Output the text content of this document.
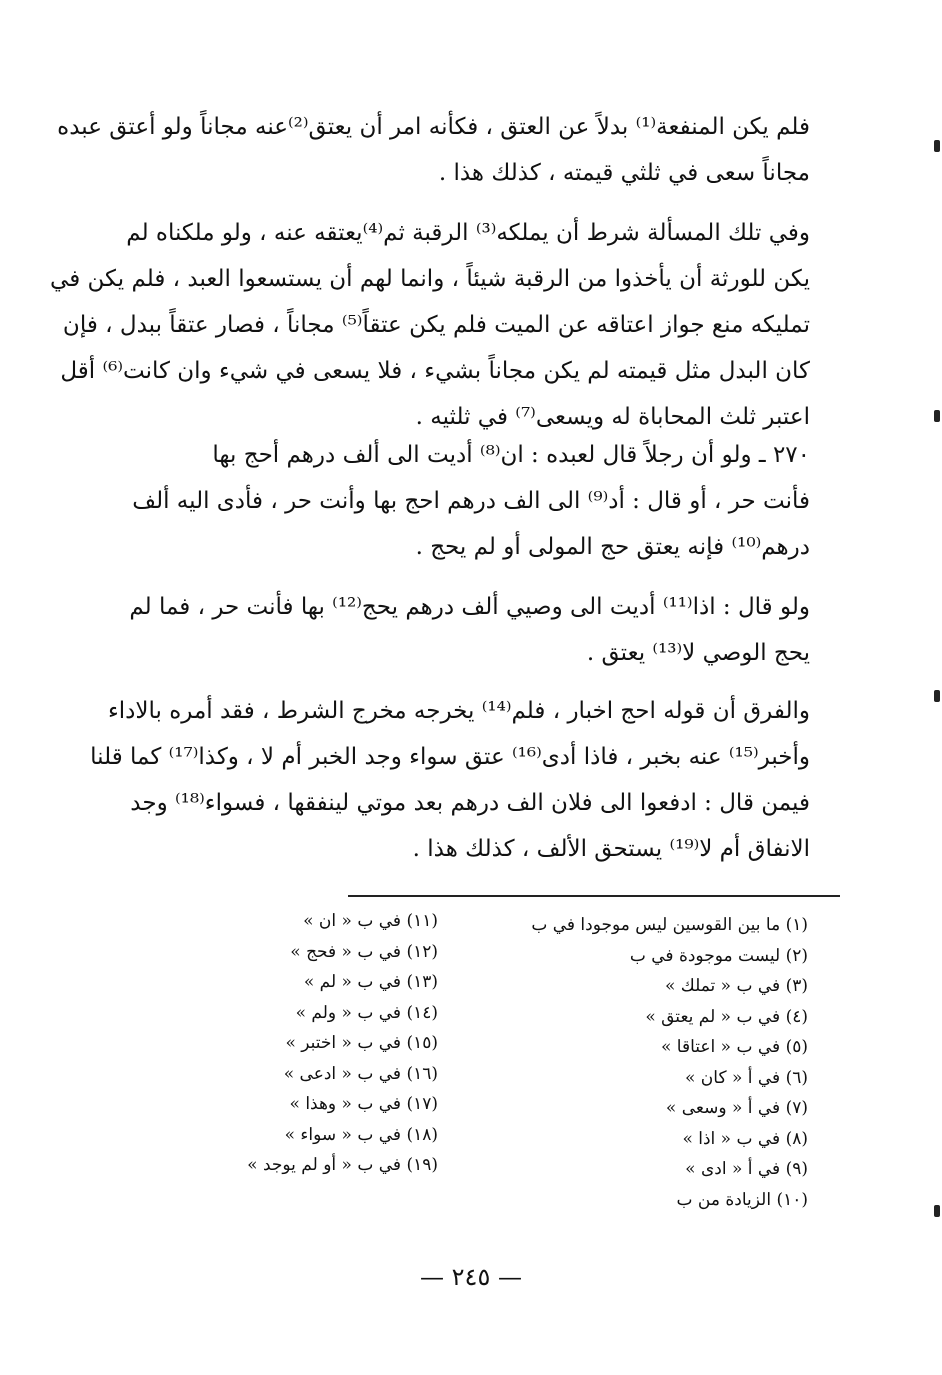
فلم يكن المنفعة⁽¹⁾ بدلاً عن العتق ، فكأنه امر أن يعتق⁽²⁾عنه مجاناً ولو أعتق عبده
مجاناً سعى في ثلثي قيمته ، كذلك هذا .
وفي تلك المسألة شرط أن يملكه⁽³⁾ الرقبة ثم⁽⁴⁾يعتقه عنه ، ولو ملكناه لم
يكن للورثة أن يأخذوا من الرقبة شيئاً ، وانما لهم أن يستسعوا العبد ، فلم يكن في
تمليكه منع جواز اعتاقه عن الميت فلم يكن عتقاً⁽⁵⁾ مجاناً ، فصار عتقاً ببدل ، فإن
كان البدل مثل قيمته لم يكن مجاناً بشيء ، فلا يسعى في شيء وان كانت⁽⁶⁾ أقل
اعتبر ثلث المحاباة له ويسعى⁽⁷⁾ في ثلثيه .
٢٧٠ ـ ولو أن رجلاً قال لعبده : ان⁽⁸⁾ أديت الى ألف درهم أحج بها
فأنت حر ، أو قال : أد⁽⁹⁾ الى الف درهم احج بها وأنت حر ، فأدى اليه ألف
درهم⁽¹⁰⁾ فإنه يعتق حج المولى أو لم يحج .
ولو قال : اذا⁽¹¹⁾ أديت الى وصيي ألف درهم يحج⁽¹²⁾ بها فأنت حر ، فما لم
يحج الوصي لا⁽¹³⁾ يعتق .
والفرق أن قوله احج اخبار ، فلم⁽¹⁴⁾ يخرجه مخرج الشرط ، فقد أمره بالاداء
وأخبر⁽¹⁵⁾ عنه بخبر ، فاذا أدى⁽¹⁶⁾ عتق سواء وجد الخبر أم لا ، وكذا⁽¹⁷⁾ كما قلنا
فيمن قال : ادفعوا الى فلان الف درهم بعد موتي لينفقها ، فسواء⁽¹⁸⁾ وجد
الانفاق أم لا⁽¹⁹⁾ يستحق الألف ، كذلك هذا .
(١) ما بين القوسين ليس موجودا في ب
(٢) ليست موجودة في ب
(٣) في ب « تملك »
(٤) في ب « لم يعتق »
(٥) في ب « اعتاقا »
(٦) في أ « كان »
(٧) في أ « وسعى »
(٨) في ب « اذا »
(٩) في أ « ادى »
(١٠) الزيادة من ب
(١١) في ب « ان »
(١٢) في ب « فحج »
(١٣) في ب « لم »
(١٤) في ب « ولم »
(١٥) في ب « اختبر »
(١٦) في ب « ادعى »
(١٧) في ب « وهذا »
(١٨) في ب « سواء »
(١٩) في ب « أو لم يوجد »
— ٢٤٥ —
